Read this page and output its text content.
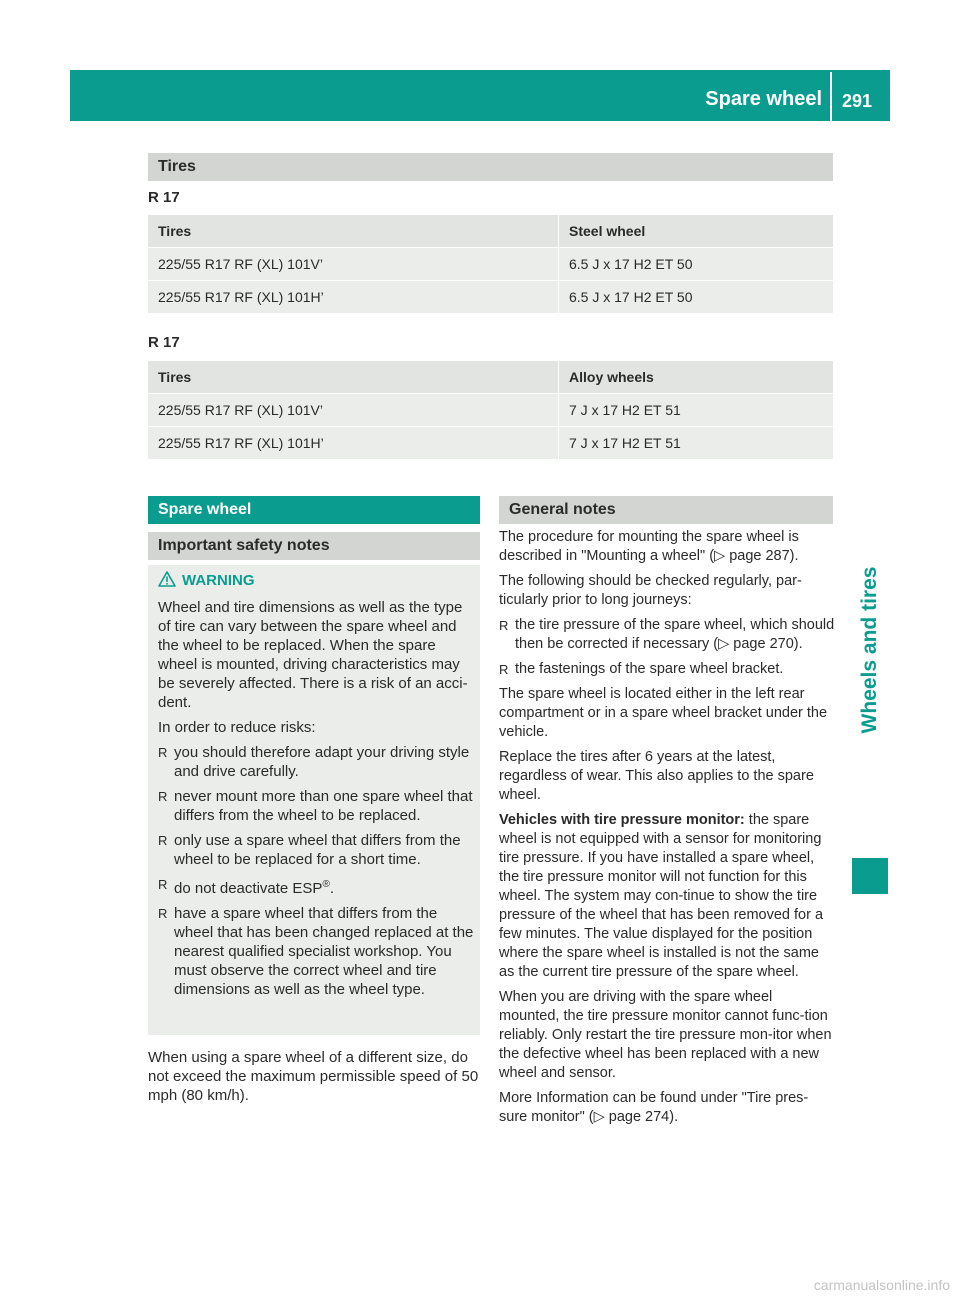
Spare wheel 291
Wheels and tires
Tires
R 17
Tires	Steel wheel
225/55 R17 RF (XL) 101V’	6.5 J x 17 H2 ET 50
225/55 R17 RF (XL) 101H’	6.5 J x 17 H2 ET 50
R 17
Tires	Alloy wheels
225/55 R17 RF (XL) 101V’	7 J x 17 H2 ET 51
225/55 R17 RF (XL) 101H’	7 J x 17 H2 ET 51
Spare wheel
Important safety notes
WARNING

Wheel and tire dimensions as well as the type of tire can vary between the spare wheel and the wheel to be replaced. When the spare wheel is mounted, driving characteristics may be severely affected. There is a risk of an acci-dent.

In order to reduce risks:

R you should therefore adapt your driving style and drive carefully.
R never mount more than one spare wheel that differs from the wheel to be replaced.
R only use a spare wheel that differs from the wheel to be replaced for a short time.
R do not deactivate ESP®.
R have a spare wheel that differs from the wheel that has been changed replaced at the nearest qualified specialist workshop. You must observe the correct wheel and tire dimensions as well as the wheel type.

When using a spare wheel of a different size, do not exceed the maximum permissible speed of 50 mph (80 km/h).

General notes

The procedure for mounting the spare wheel is described in "Mounting a wheel" (▷ page 287).

The following should be checked regularly, par-ticularly prior to long journeys:

R the tire pressure of the spare wheel, which should then be corrected if necessary (▷ page 270).
R the fastenings of the spare wheel bracket.

The spare wheel is located either in the left rear compartment or in a spare wheel bracket under the vehicle.

Replace the tires after 6 years at the latest, regardless of wear. This also applies to the spare wheel.

Vehicles with tire pressure monitor: the spare wheel is not equipped with a sensor for monitoring tire pressure. If you have installed a spare wheel, the tire pressure monitor will not function for this wheel. The system may con-tinue to show the tire pressure of the wheel that has been removed for a few minutes. The value displayed for the position where the spare wheel is installed is not the same as the current tire pressure of the spare wheel.

When you are driving with the spare wheel mounted, the tire pressure monitor cannot func-tion reliably. Only restart the tire pressure mon-itor when the defective wheel has been replaced with a new wheel and sensor.

More Information can be found under "Tire pres-sure monitor" (▷ page 274).

carmanualsonline.info
